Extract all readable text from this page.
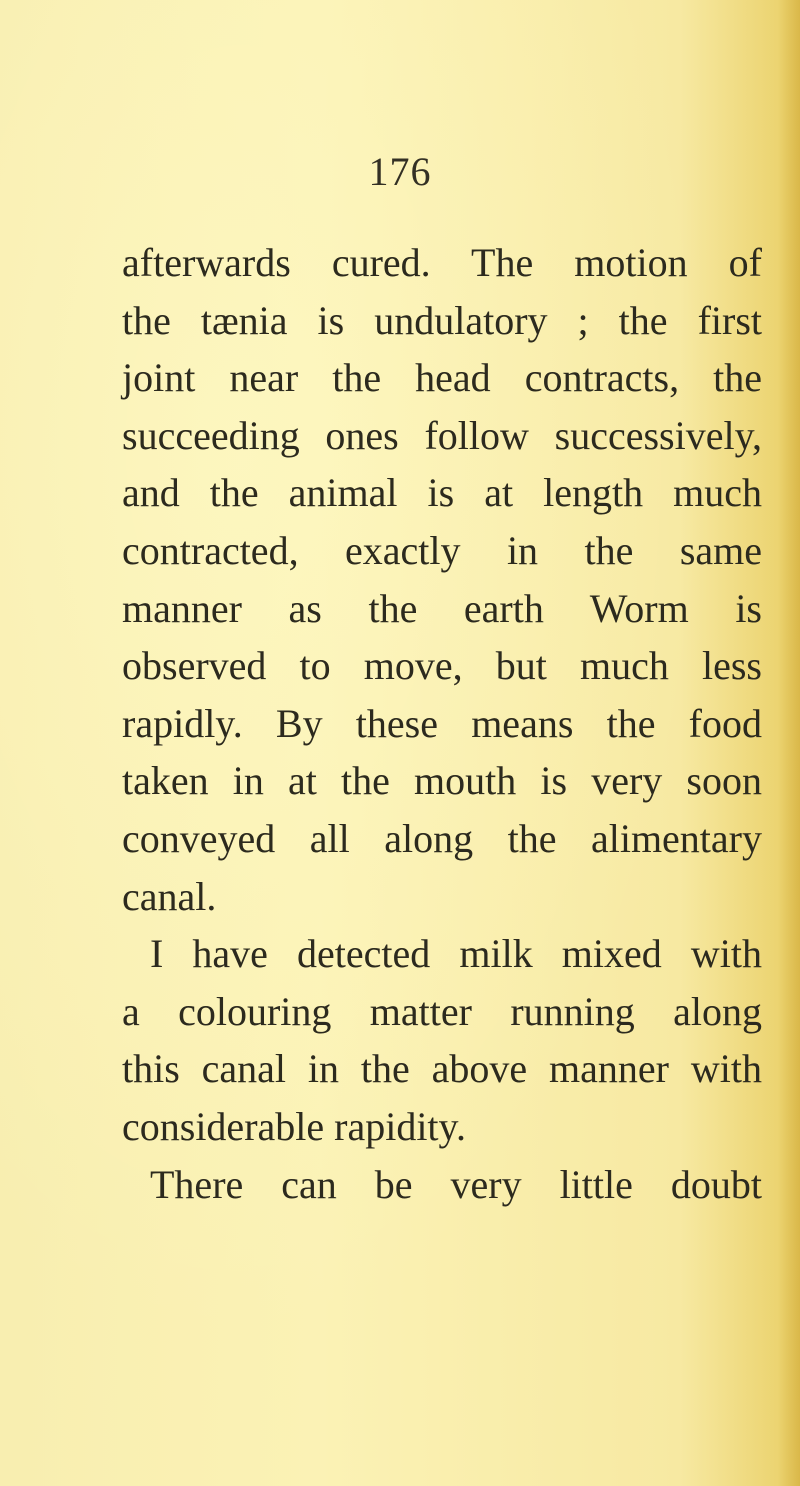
176
afterwards cured. The motion of
the tænia is undulatory ; the first
joint near the head contracts, the
succeeding ones follow successively,
and the animal is at length much
contracted, exactly in the same
manner as the earth Worm is
observed to move, but much less
rapidly. By these means the food
taken in at the mouth is very soon
conveyed all along the alimentary
canal.
I have detected milk mixed with
a colouring matter running along
this canal in the above manner with
considerable rapidity.
There can be very little doubt
